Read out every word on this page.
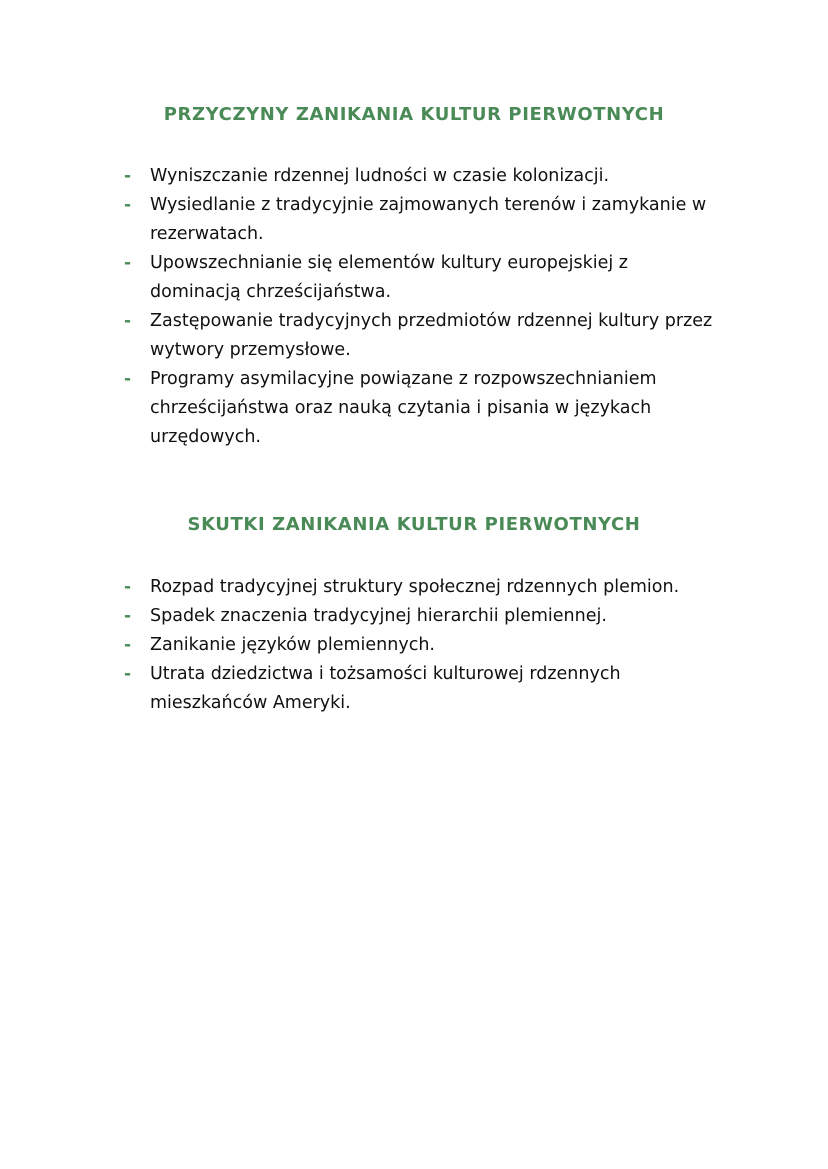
PRZYCZYNY ZANIKANIA KULTUR PIERWOTNYCH
- Wyniszczanie rdzennej ludności w czasie kolonizacji.
- Wysiedlanie z tradycyjnie zajmowanych terenów i zamykanie w rezerwatach.
- Upowszechnianie się elementów kultury europejskiej z dominacją chrześcijaństwa.
- Zastępowanie tradycyjnych przedmiotów rdzennej kultury przez wytwory przemysłowe.
- Programy asymilacyjne powiązane z rozpowszechnianiem chrześcijaństwa oraz nauką czytania i pisania w językach urzędowych.
SKUTKI ZANIKANIA KULTUR PIERWOTNYCH
- Rozpad tradycyjnej struktury społecznej rdzennych plemion.
- Spadek znaczenia tradycyjnej hierarchii plemiennej.
- Zanikanie języków plemiennych.
- Utrata dziedzictwa i tożsamości kulturowej rdzennych mieszkańców Ameryki.
